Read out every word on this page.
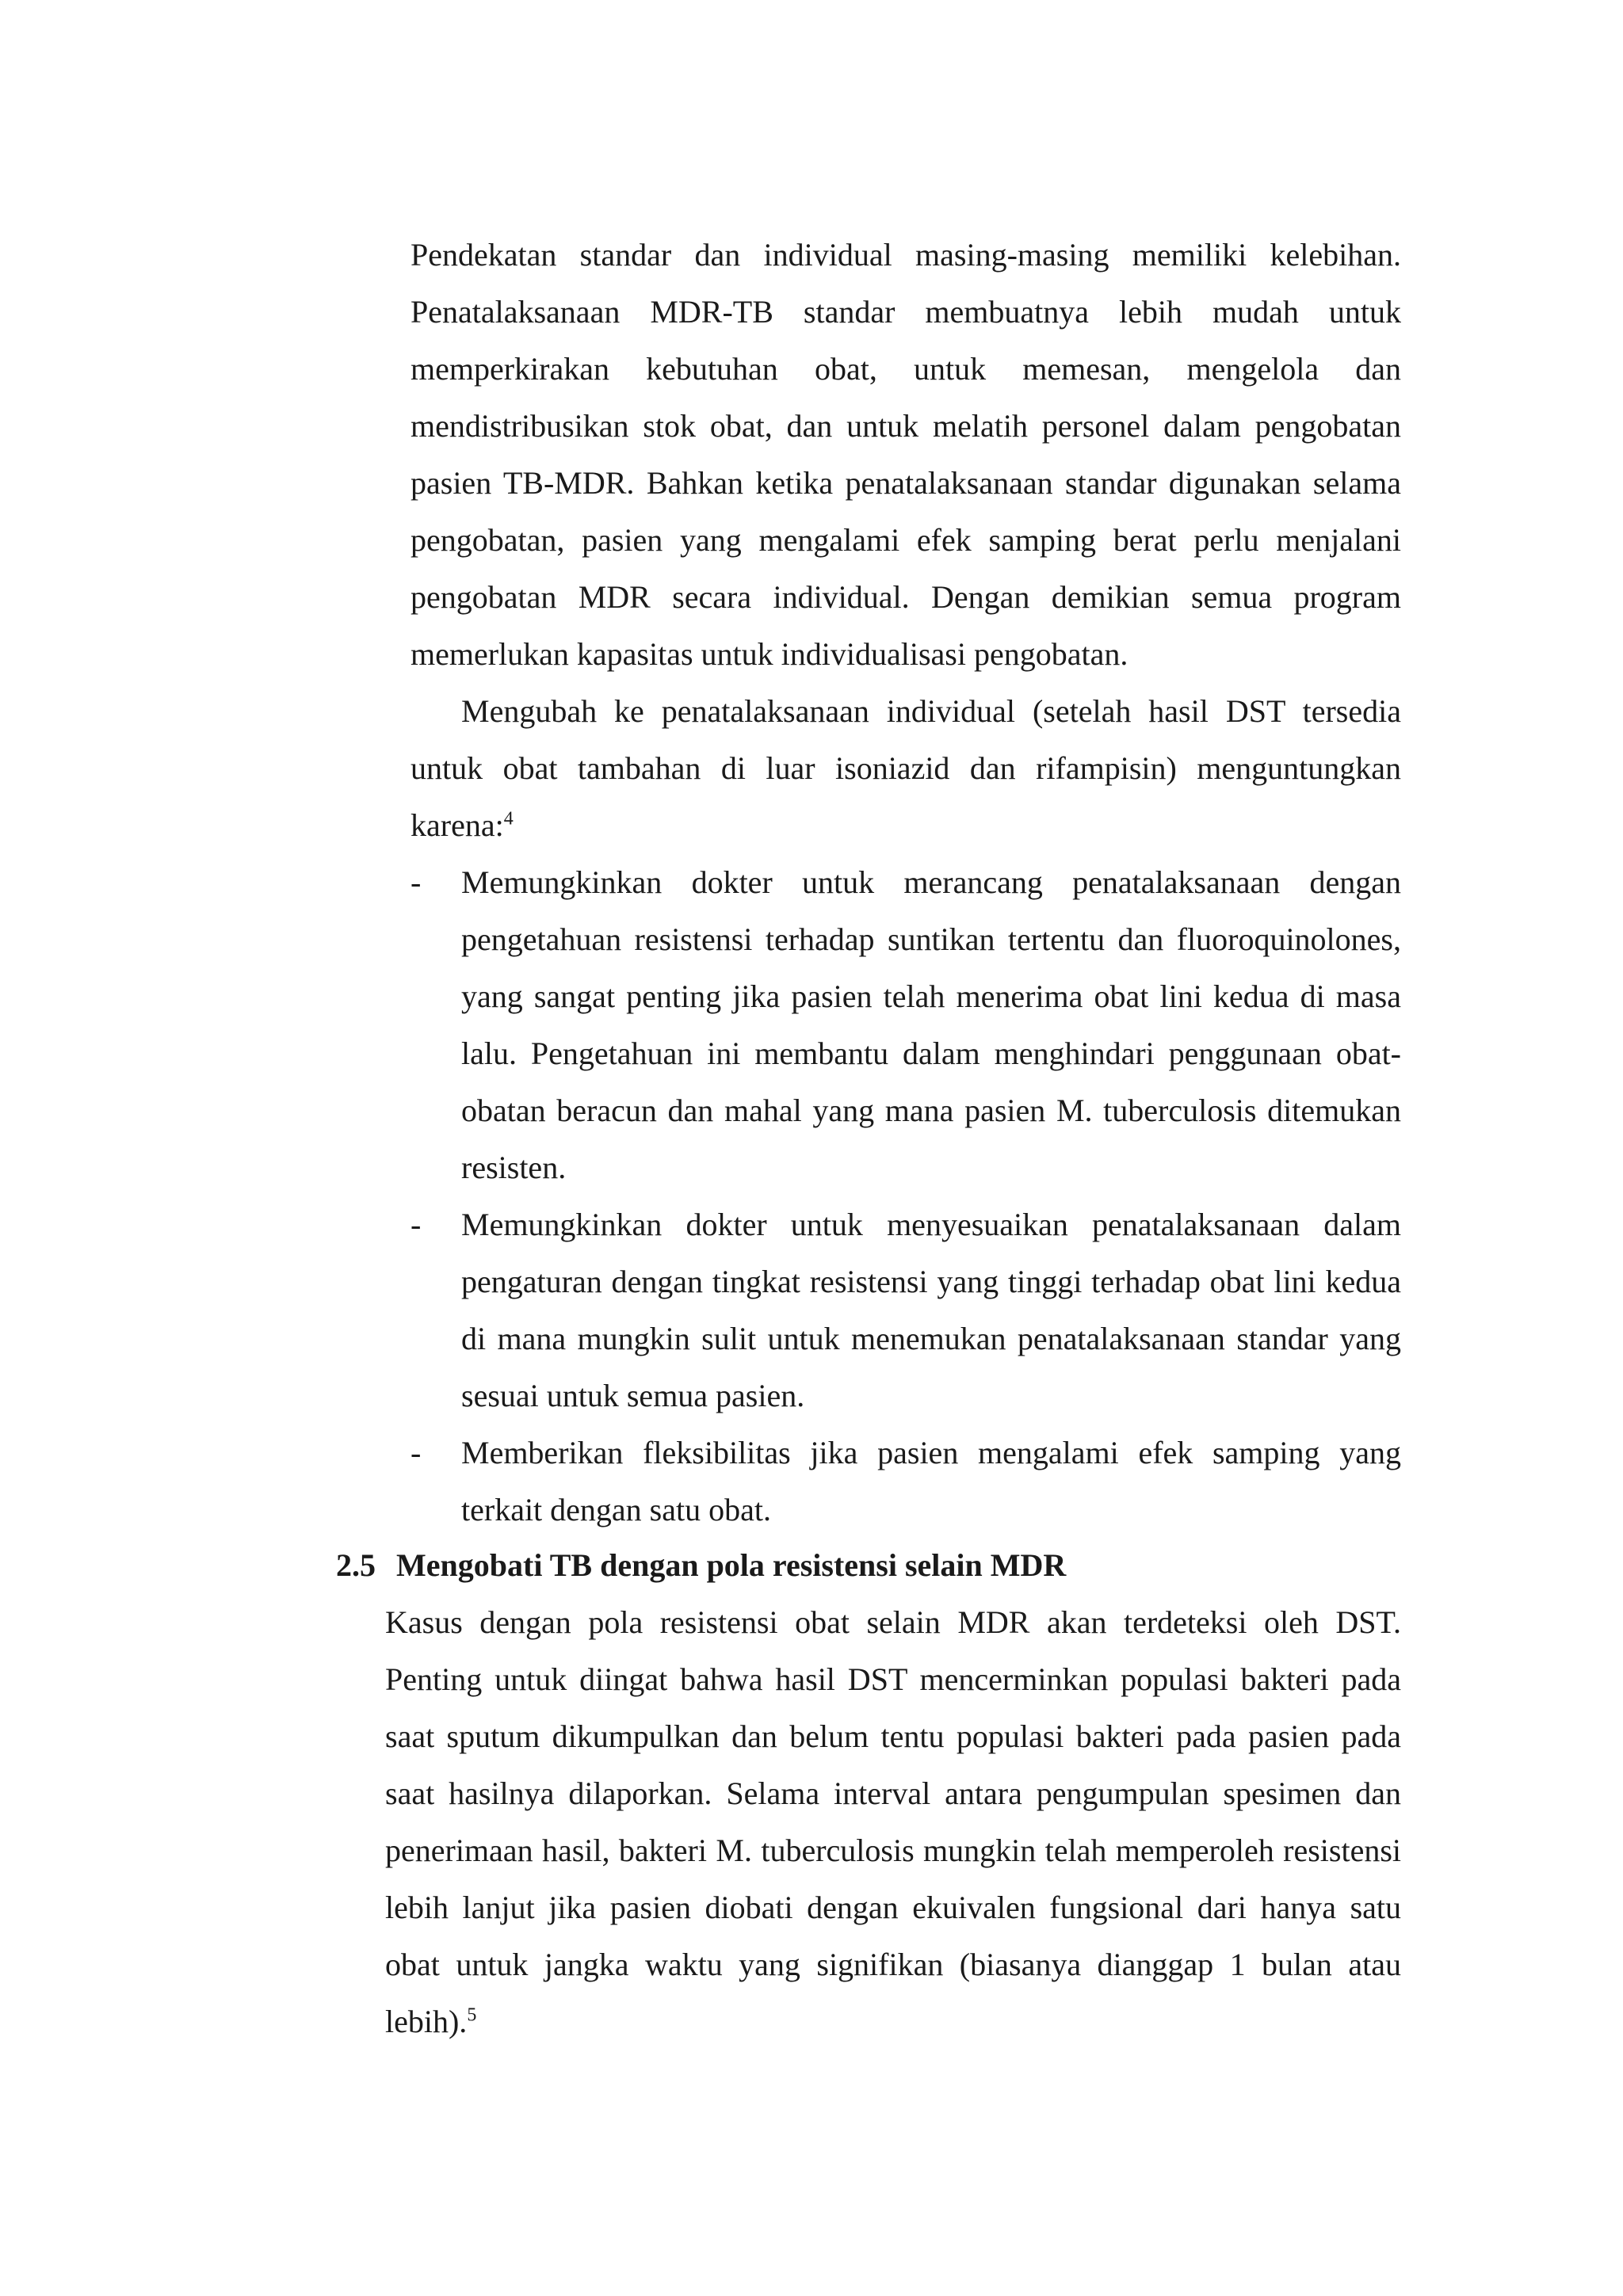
Pendekatan standar dan individual masing-masing memiliki kelebihan. Penatalaksanaan MDR-TB standar membuatnya lebih mudah untuk memperkirakan kebutuhan obat, untuk memesan, mengelola dan mendistribusikan stok obat, dan untuk melatih personel dalam pengobatan pasien TB-MDR. Bahkan ketika penatalaksanaan standar digunakan selama pengobatan, pasien yang mengalami efek samping berat perlu menjalani pengobatan MDR secara individual. Dengan demikian semua program memerlukan kapasitas untuk individualisasi pengobatan.

Mengubah ke penatalaksanaan individual (setelah hasil DST tersedia untuk obat tambahan di luar isoniazid dan rifampisin) menguntungkan karena:$^4$

- Memungkinkan dokter untuk merancang penatalaksanaan dengan pengetahuan resistensi terhadap suntikan tertentu dan fluoroquinolones, yang sangat penting jika pasien telah menerima obat lini kedua di masa lalu. Pengetahuan ini membantu dalam menghindari penggunaan obat-obatan beracun dan mahal yang mana pasien M. tuberculosis ditemukan resisten.
- Memungkinkan dokter untuk menyesuaikan penatalaksanaan dalam pengaturan dengan tingkat resistensi yang tinggi terhadap obat lini kedua di mana mungkin sulit untuk menemukan penatalaksanaan standar yang sesuai untuk semua pasien.
- Memberikan fleksibilitas jika pasien mengalami efek samping yang terkait dengan satu obat.
2.5 Mengobati TB dengan pola resistensi selain MDR

Kasus dengan pola resistensi obat selain MDR akan terdeteksi oleh DST. Penting untuk diingat bahwa hasil DST mencerminkan populasi bakteri pada saat sputum dikumpulkan dan belum tentu populasi bakteri pada pasien pada saat hasilnya dilaporkan. Selama interval antara pengumpulan spesimen dan penerimaan hasil, bakteri M. tuberculosis mungkin telah memperoleh resistensi lebih lanjut jika pasien diobati dengan ekuivalen fungsional dari hanya satu obat untuk jangka waktu yang signifikan (biasanya dianggap 1 bulan atau lebih).$^5$
